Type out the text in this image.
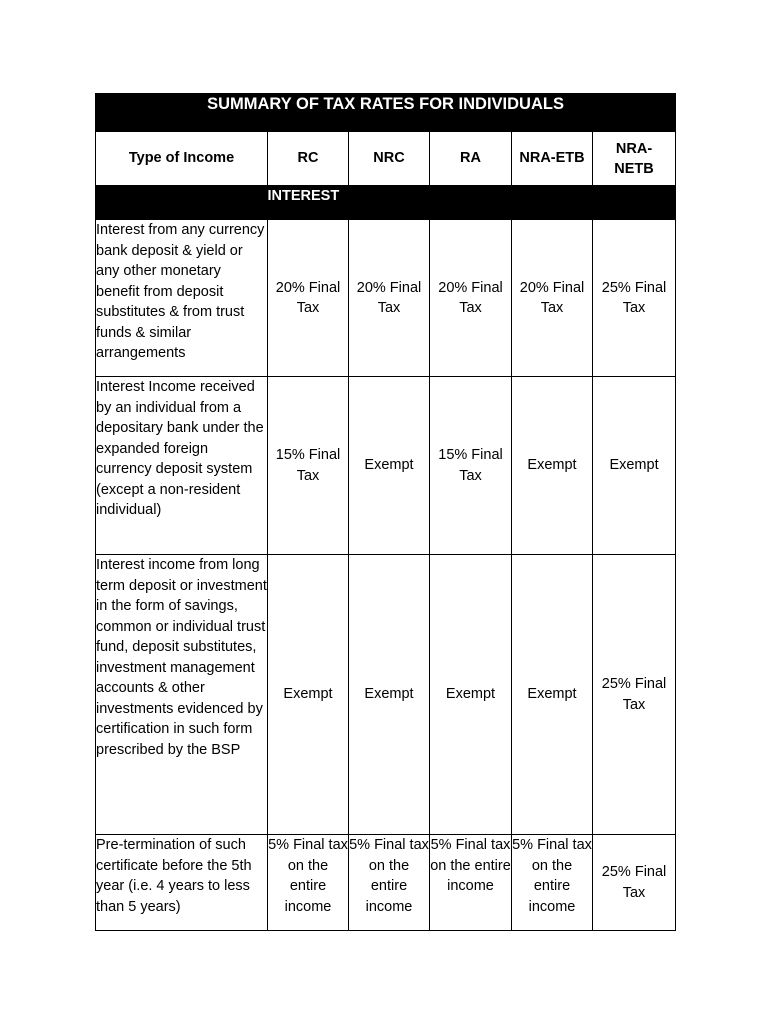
SUMMARY OF TAX RATES FOR INDIVIDUALS					
Type of Income	RC	NRC	RA	NRA-ETB	NRA-
NETB
	INTEREST				
Interest from any currency bank deposit & yield or any other monetary benefit from deposit substitutes & from trust funds & similar arrangements	20% Final Tax	20% Final Tax	20% Final Tax	20% Final Tax	25% Final Tax
Interest Income received by an individual from a depositary bank under the expanded foreign currency deposit system (except a non-resident individual)	15% Final Tax	Exempt	15% Final Tax	Exempt	Exempt
Interest income from long term deposit or investment in the form of savings, common or individual trust fund, deposit substitutes, investment management accounts & other investments evidenced by certification in such form prescribed by the BSP	Exempt	Exempt	Exempt	Exempt	25% Final Tax
Pre-termination of such certificate before the 5th year (i.e. 4 years to less than 5 years)	5% Final tax on the entire income	5% Final tax on the entire income	5% Final tax on the entire income	5% Final tax on the entire income	25% Final Tax
